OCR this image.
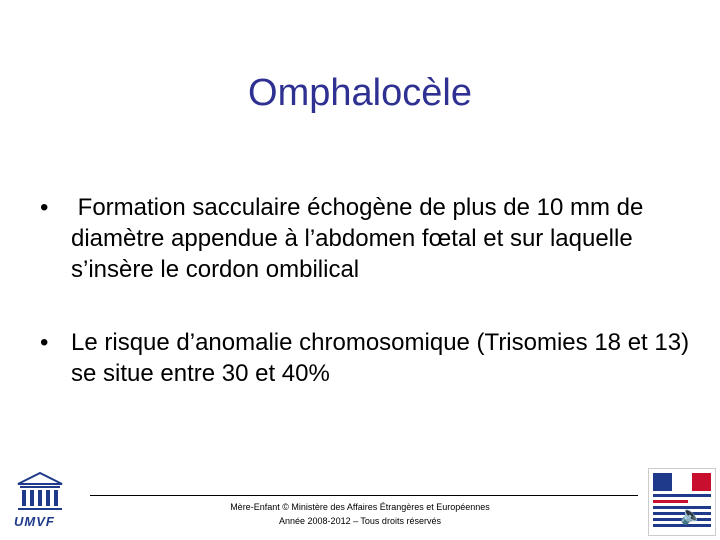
Omphalocèle
• Formation sacculaire échogène de plus de 10 mm de diamètre appendue à l’abdomen fœtal et sur laquelle s’insère le cordon ombilical
• Le risque d’anomalie chromosomique (Trisomies 18 et 13) se situe entre 30 et 40%
UMVF
Mère-Enfant © Ministère des Affaires Étrangères et Européennes
Année 2008-2012 – Tous droits réservés	🔈
